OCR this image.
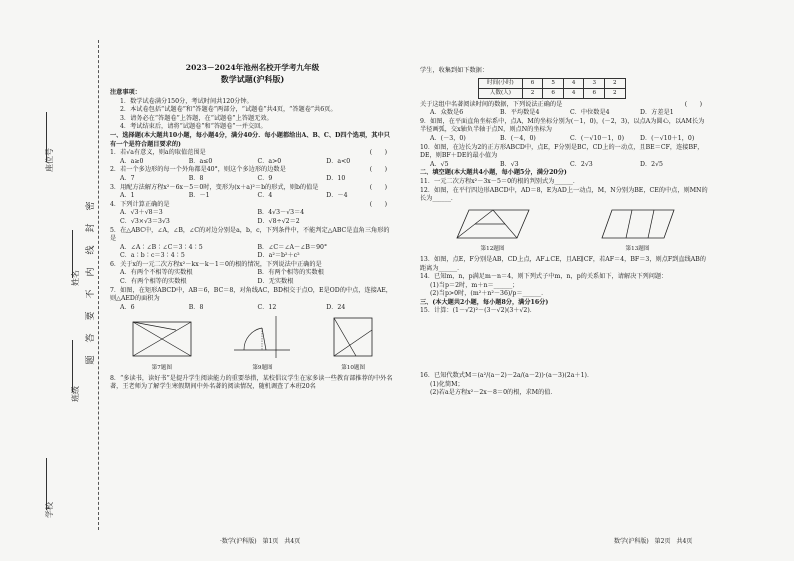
座位号
姓名
班级
学校
密
封
线
内
不
要
答
题
2023－2024年池州名校开学考九年级
数学试题(沪科版)
注意事项：
1．数学试卷满分150分，考试时间共120分钟。
2．本试卷包括“试题卷”和“答题卷”两部分，“试题卷”共4页，“答题卷”共6页。
3．请务必在“答题卷”上答题，在“试题卷”上答题无效。
4．考试结束后，请将“试题卷”和“答题卷”一并交回。
一、选择题(本大题共10小题，每小题4分，满分40分．每小题都给出A、B、C、D四个选项，其中只有一个是符合题目要求的)
1．若√a有意义，则a的取值范围是	(　　)
A．a≥0	B．a≤0	C．a>0	D．a<0
2．若一个多边形的每一个外角都是40°，则这个多边形的边数是	(　　)
A．7	B．8	C．9	D．10
3．用配方法解方程x²－6x－5＝0时，变形为(x＋a)²＝b的形式，则b的值是	(　　)
A．1	B．－1	C．4	D．－4
4．下列计算正确的是	(　　)
A．√3＋√8＝3	B．4√3－√3＝4
C．√3×√3＝3√3	D．√8÷√2＝2
5．在△ABC中，∠A，∠B，∠C的对边分别是a，b，c，下列条件中，不能判定△ABC是直角三角形的是
A．∠A∶∠B∶∠C＝3∶4∶5	B．∠C＝∠A－∠B＝90°
C．a∶b∶c＝3∶4∶5	D．a²＝b²＋c²
6．关于x的一元二次方程x²－kx－k－1＝0的根的情况，下列说法中正确的是
A．有两个不相等的实数根	B．有两个相等的实数根
C．有两个相等的实数根	D．无实数根
7．如图，在矩形ABCD中，AB＝6，BC＝8，对角线AC，BD相交于点O，E是OD的中点，连接AE，则△AED的面积为
A．6	B．8	C．12	D．24
第7题图	第9题图	第10题图
8．“多读书，读好书”是提升学生阅读能力的重要举措，某校倡议学生在家多读一些教育部推荐的中外名著，王老师为了解学生寒假期间中外名著的阅读情况，随机调查了本班20名
·数学(沪科版)　第1页　共4页
学生，收集到如下数据：
时间(小时)	6	5	4	3	2
人数(人)	2	6	4	6	2
关于这组中名著阅读时间的数据，下列说法正确的是	(　　)
A．众数是6	B．平均数是4	C．中位数是4	D．方差是1
9．如图，在平面直角坐标系中，点A，M的坐标分别为(－1，0)，(－2，3)，以点A为圆心，以AM长为半径画弧，交x轴负半轴于点N，则点N的坐标为
A．(－3，0)	B．(－4，0)	C．(－√10－1，0)	D．(－√10＋1，0)
10．如图，在边长为2的正方形ABCD中，点E，F分别是BC，CD上的一动点，且BE＝CF，连接BF，DE，则BF＋DE的最小值为
A．√5	B．√3	C．2√3	D．2√5
二、填空题(本大题共4小题，每小题5分，满分20分)
11．一元二次方程x²－3x－5＝0的根的判别式为______．
12．如图，在平行四边形ABCD中，AD＝8，E为AD上一动点，M，N分别为BE，CE的中点，则MN的长为______．
第12题图	第13题图
13．如图，点E，F分别是AB，CD上点，AF⊥CE，且AE∥CF，若AF＝4，BF＝3，则点F到直线AB的距离为______．
14．已知m，n，p满足m－n＝4，则下列式子中m，n，p的关系如下，请解决下列问题：
(1)当p＝2时，m＋n＝______；
(2)当p>0时，(m²＋n²－36)/p＝______．
三、(本大题共2小题，每小题8分，满分16分)
15．计算：(1－√2)²－(3－√2)(3＋√2)．
16．已知代数式M＝(a²/(a－2)－2a/(a－2))·(a－3)(2a＋1)．
(1)化简M；
(2)若a是方程x²－2x－8＝0的根，求M的值．
数学(沪科版)　第2页　共4页
